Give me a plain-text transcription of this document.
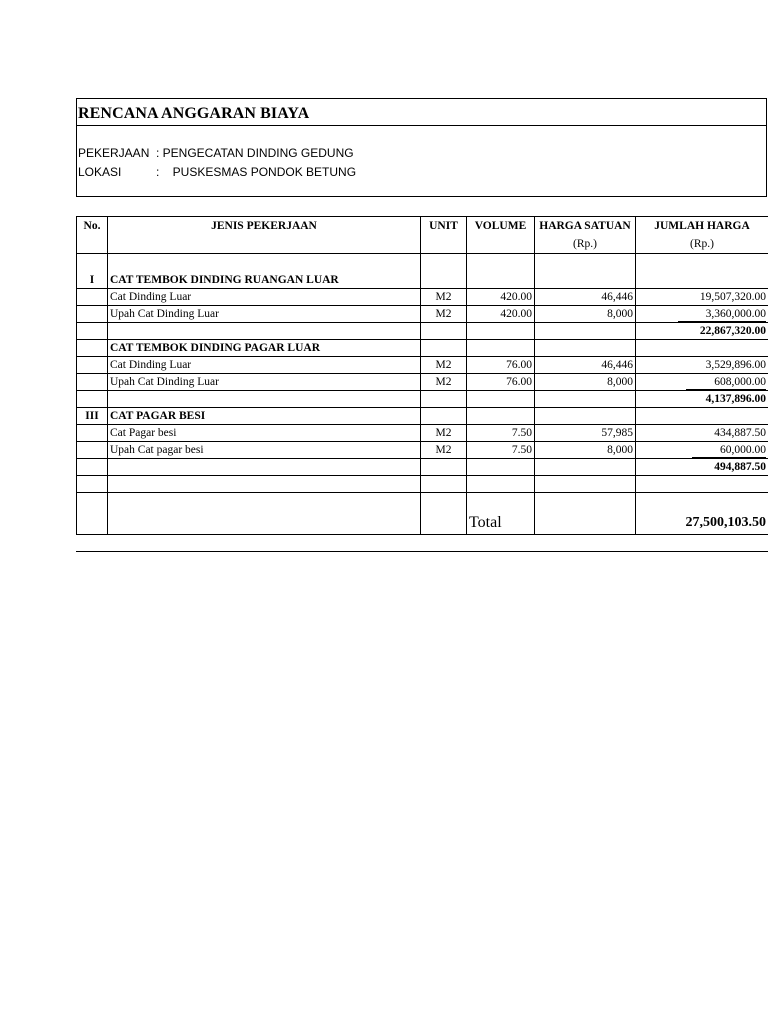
RENCANA ANGGARAN BIAYA
PEKERJAAN : PENGECATAN DINDING GEDUNG
LOKASI	:    PUSKESMAS PONDOK BETUNG
No.	JENIS PEKERJAAN	UNIT	VOLUME	HARGA SATUAN	JUMLAH HARGA
				(Rp.)	(Rp.)

I	CAT TEMBOK DINDING RUANGAN LUAR				
	Cat Dinding Luar	M2	420.00	46,446	19,507,320.00
	Upah Cat Dinding Luar	M2	420.00	8,000	3,360,000.00
					22,867,320.00
	CAT TEMBOK DINDING PAGAR LUAR				
	Cat Dinding Luar	M2	76.00	46,446	3,529,896.00
	Upah Cat Dinding Luar	M2	76.00	8,000	608,000.00
					4,137,896.00
III	CAT PAGAR BESI				
	Cat Pagar besi	M2	7.50	57,985	434,887.50
	Upah Cat pagar besi	M2	7.50	8,000	60,000.00
					494,887.50

			Total		27,500,103.50
